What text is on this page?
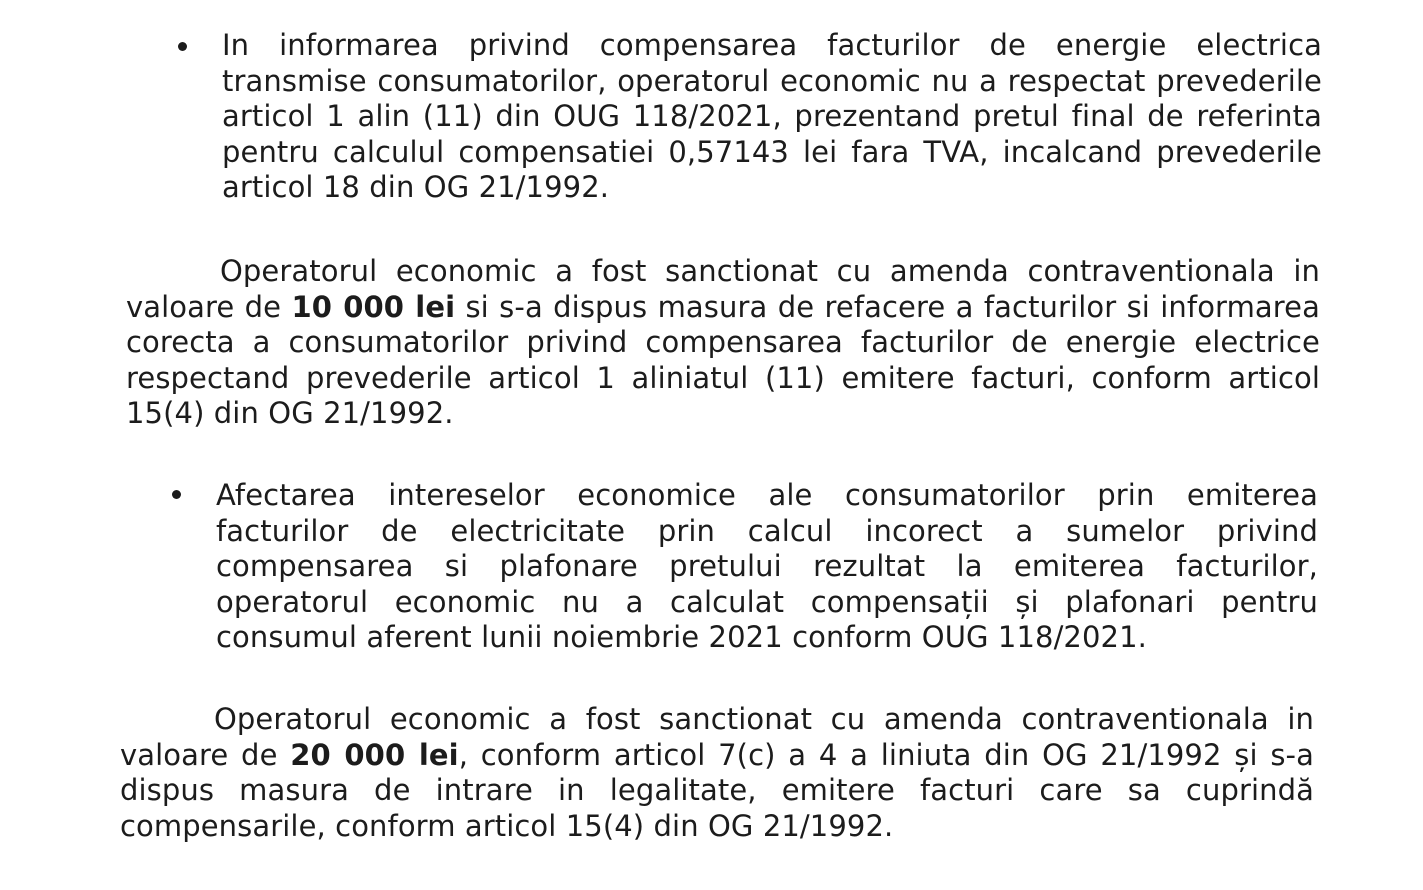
In informarea privind compensarea facturilor de energie electrica transmise consumatorilor, operatorul economic nu a respectat prevederile articol 1 alin (11) din OUG 118/2021, prezentand pretul final de referinta pentru calculul compensatiei 0,57143 lei fara TVA, incalcand prevederile articol 18 din OG 21/1992.
Operatorul economic a fost sanctionat cu amenda contraventionala in valoare de 10 000 lei si s-a dispus masura de refacere a facturilor si informarea corecta a consumatorilor privind compensarea facturilor de energie electrice respectand prevederile articol 1 aliniatul (11) emitere facturi, conform articol 15(4) din OG 21/1992.
Afectarea intereselor economice ale consumatorilor prin emiterea facturilor de electricitate prin calcul incorect a sumelor privind compensarea si plafonare pretului rezultat la emiterea facturilor, operatorul economic nu a calculat compensații și plafonari pentru consumul aferent lunii noiembrie 2021 conform OUG 118/2021.
Operatorul economic a fost sanctionat cu amenda contraventionala in valoare de 20 000 lei, conform articol 7(c) a 4 a liniuta din OG 21/1992 și s-a dispus masura de intrare in legalitate, emitere facturi care sa cuprindă compensarile, conform articol 15(4) din OG 21/1992.
